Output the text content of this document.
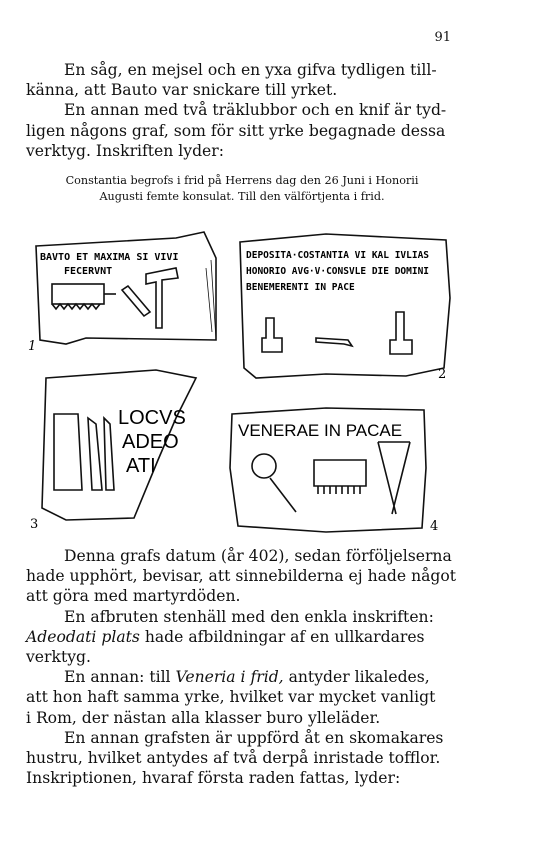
91

En såg, en mejsel och en yxa gifva tydligen till-

känna, att Bauto var snickare till yrket.

En annan med två träklubbor och en knif är tyd-

ligen någons graf, som för sitt yrke begagnade dessa

verktyg. Inskriften lyder:

Constantia begrofs i frid på Herrens dag den 26 Juni i Honorii
Augusti femte konsulat. Till den välförtjenta i frid.
BAVTO ET MAXIMA SI VIVI
FECERVNT
DEPOSITA·COSTANTIA VI KAL IVLIAS
HONORIO AVG·V·CONSVLE DIE DOMINI
BENEMERENTI IN PACE
LOCVS
ADEO
ATI
VENERAE IN PACAE
1
2
3	4

Denna grafs datum (år 402), sedan förföljelserna

hade upphört, bevisar, att sinnebilderna ej hade något

att göra med martyrdöden.

En afbruten stenhäll med den enkla inskriften:

Adeodati plats hade afbildningar af en ullkardares

verktyg.

En annan: till Veneria i frid, antyder likaledes,

att hon haft samma yrke, hvilket var mycket vanligt

i Rom, der nästan alla klasser buro ylleläder.

En annan grafsten är uppförd åt en skomakares

hustru, hvilket antydes af två derpå inristade tofflor.

Inskriptionen, hvaraf första raden fattas, lyder:
